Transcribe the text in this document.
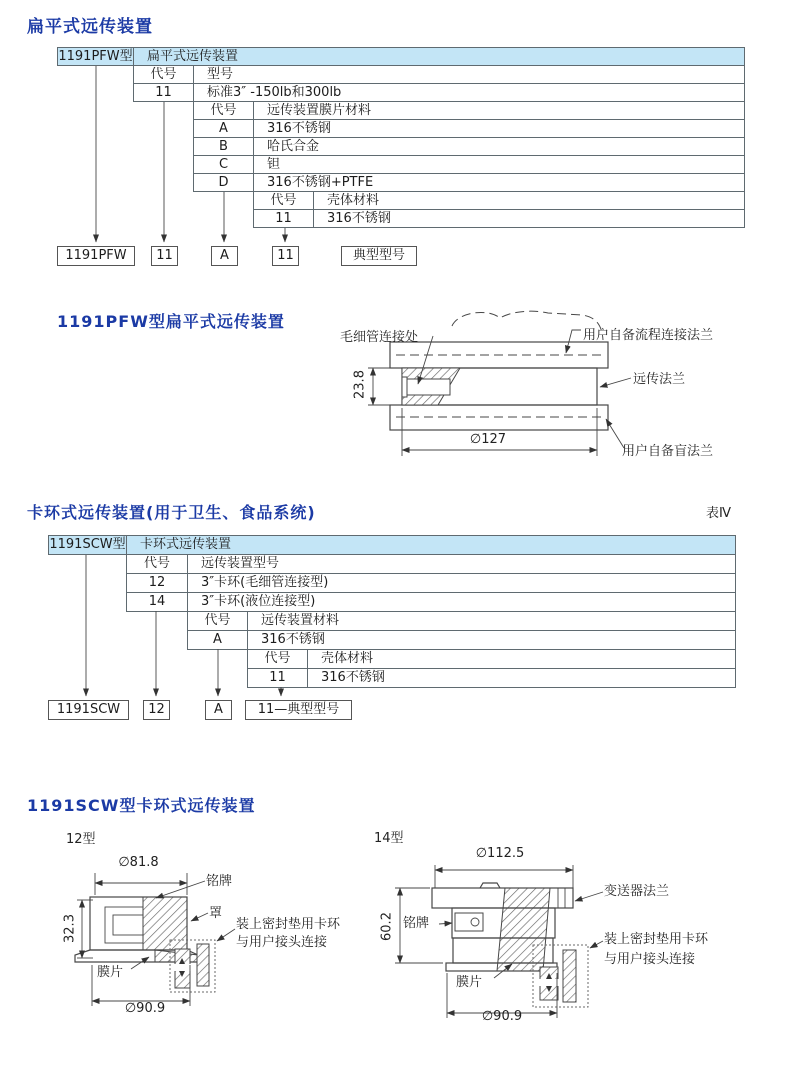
扁平式远传装置
1191PFW型	扁平式远传装置
代号	型号
11	标准3″ -150lb和300lb
代号	远传装置膜片材料
A	316不锈钢
B	哈氏合金
C	钽
D	316不锈钢+PTFE
代号	壳体材料
11	316不锈钢
1191PFW	11	A	11	典型型号
1191PFW型扁平式远传装置
毛细管连接处	用户自备流程连接法兰
远传法兰
用户自备盲法兰
23.8
∅127
卡环式远传装置(用于卫生、食品系统)	表Ⅳ
1191SCW型	卡环式远传装置
代号	远传装置型号
12	3″卡环(毛细管连接型)
14	3″卡环(液位连接型)
代号	远传装置材料
A	316不锈钢
代号	壳体材料
11	316不锈钢
1191SCW	12	A	11—典型型号
1191SCW型卡环式远传装置
12型	14型
∅81.8
32.3
∅90.9
铭牌
罩
装上密封垫用卡环
与用户接头连接
膜片
∅112.5
60.2
∅90.9
变送器法兰
铭牌
装上密封垫用卡环
与用户接头连接
膜片
